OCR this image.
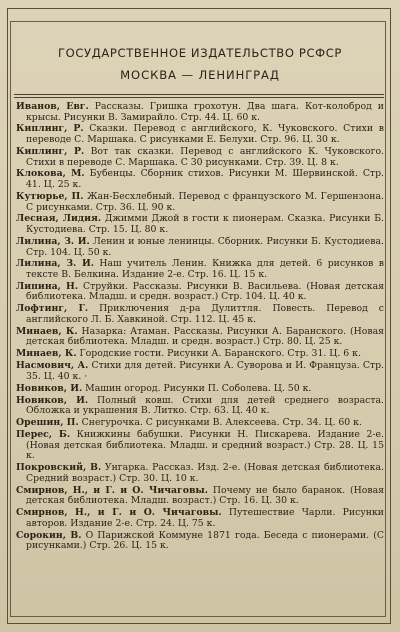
ГОСУДАРСТВЕННОЕ ИЗДАТЕЛЬСТВО РСФСР
МОСКВА — ЛЕНИНГРАД

Иванов, Евг. Рассказы. Гришка грохотун. Два шага. Кот-колоброд и крысы. Рисунки В. Замирайло. Стр. 44. Ц. 60 к.

Киплинг, Р. Сказки. Перевод с английского, К. Чуковского. Стихи в переводе С. Маршака. С рисунками Е. Белухи. Стр. 96. Ц. 30 к.

Киплинг, Р. Вот так сказки. Перевод с английского К. Чуковского. Стихи в переводе С. Маршака. С 30 рисунками. Стр. 39. Ц. 8 к.

Клокова, М. Бубенцы. Сборник стихов. Рисунки М. Шервинской. Стр. 41. Ц. 25 к.

Кутюрье, П. Жан-Бесхлебный. Перевод с французского М. Гершензона. С рисунками. Стр. 36. Ц. 90 к.

Лесная, Лидия. Джимми Джой в гости к пионерам. Сказка. Рисунки Б. Кустодиева. Стр. 15. Ц. 80 к.

Лилина, З. И. Ленин и юные ленинцы. Сборник. Рисунки Б. Кустодиева. Стр. 104. Ц. 50 к.

Лилина, З. И. Наш учитель Ленин. Книжка для детей. 6 рисунков в тексте В. Белкина. Издание 2-е. Стр. 16. Ц. 15 к.

Липина, Н. Струйки. Рассказы. Рисунки В. Васильева. (Новая детская библиотека. Младш. и средн. возраст.) Стр. 104. Ц. 40 к.

Лофтинг, Г. Приключения д-ра Дулиттля. Повесть. Перевод с английского Л. Б. Хавкиной. Стр. 112. Ц. 45 к.

Минаев, К. Назарка: Атаман. Рассказы. Рисунки А. Баранского. (Новая детская библиотека. Младш. и средн. возраст.) Стр. 80. Ц. 25 к.

Минаев, К. Городские гости. Рисунки А. Баранского. Стр. 31. Ц. 6 к.

Насмович, А. Стихи для детей. Рисунки А. Суворова и И. Француза. Стр. 35. Ц. 40 к. ·

Новиков, И. Машин огород. Рисунки П. Соболева. Ц. 50 к.

Новиков, И. Полный ковш. Стихи для детей среднего возраста. Обложка и украшения В. Литко. Стр. 63. Ц. 40 к.

Орешин, П. Снегурочка. С рисунками В. Алексеева. Стр. 34. Ц. 60 к.

Перес, Б. Книжкины бабушки. Рисунки Н. Пискарева. Издание 2-е. (Новая детская библиотека. Младш. и средний возраст.) Стр. 28. Ц. 15 к.

Покровский, В. Унгарка. Рассказ. Изд. 2-е. (Новая детская библиотека. Средний возраст.) Стр. 30. Ц. 10 к.

Смирнов, Н., и Г. и О. Чичаговы. Почему не было баранок. (Новая детская библиотека. Младш. возраст.) Стр. 16. Ц. 30 к.

Смирнов, Н., и Г. и О. Чичаговы. Путешествие Чарли. Рисунки авторов. Издание 2-е. Стр. 24. Ц. 75 к.

Сорокин, В. О Парижской Коммуне 1871 года. Беседа с пионерами. (С рисунками.) Стр. 26. Ц. 15 к.
